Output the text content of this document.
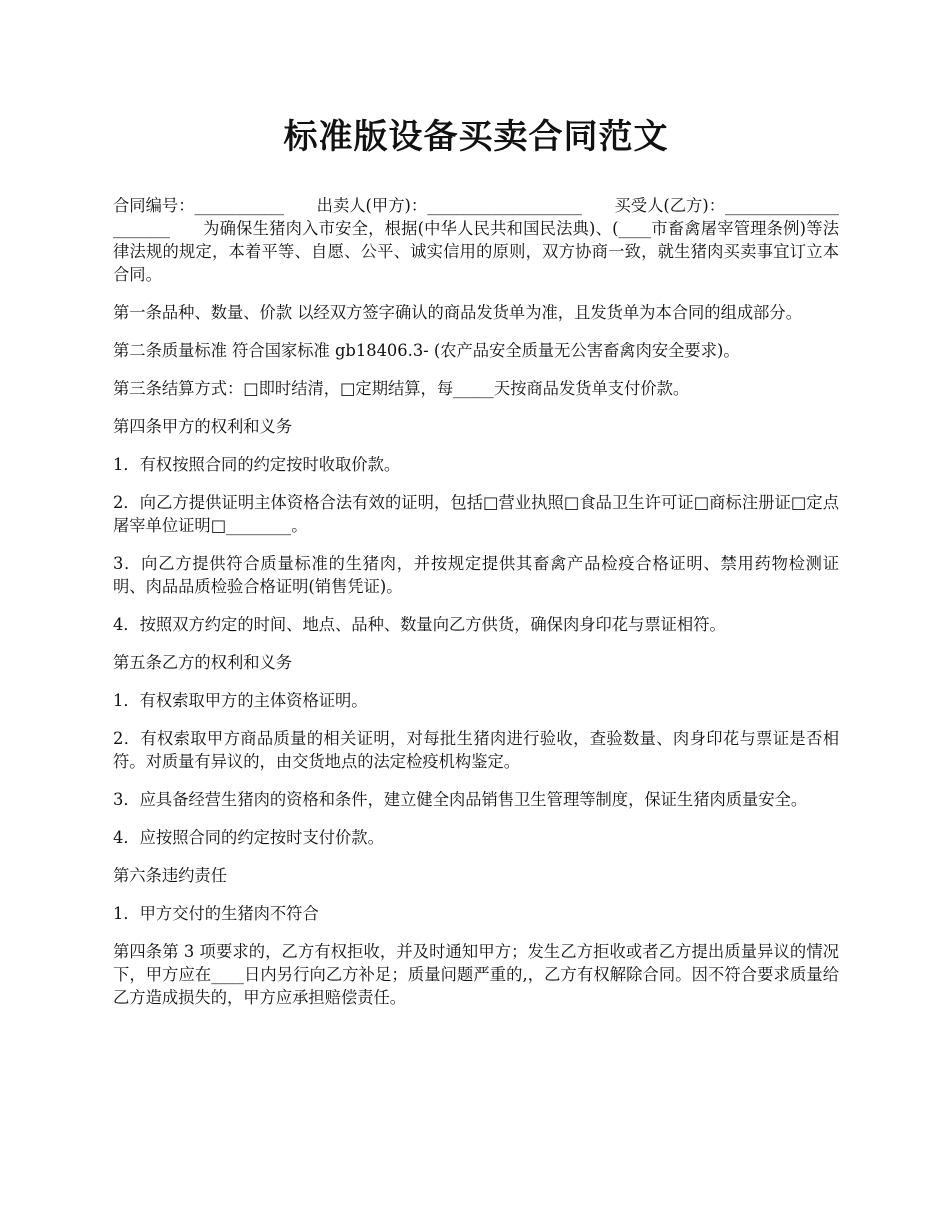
标准版设备买卖合同范文

合同编号：___________　　出卖人(甲方)：___________________　　买受人(乙方)：_____________________　　为确保生猪肉入市安全，根据(中华人民共和国民法典)、(____市畜禽屠宰管理条例)等法律法规的规定，本着平等、自愿、公平、诚实信用的原则，双方协商一致，就生猪肉买卖事宜订立本合同。

第一条品种、数量、价款 以经双方签字确认的商品发货单为准，且发货单为本合同的组成部分。

第二条质量标准 符合国家标准 gb18406.3- (农产品安全质量无公害畜禽肉安全要求)。

第三条结算方式：□即时结清，□定期结算，每_____天按商品发货单支付价款。

第四条甲方的权利和义务

1．有权按照合同的约定按时收取价款。

2．向乙方提供证明主体资格合法有效的证明，包括□营业执照□食品卫生许可证□商标注册证□定点屠宰单位证明□________。

3．向乙方提供符合质量标准的生猪肉，并按规定提供其畜禽产品检疫合格证明、禁用药物检测证明、肉品品质检验合格证明(销售凭证)。

4．按照双方约定的时间、地点、品种、数量向乙方供货，确保肉身印花与票证相符。

第五条乙方的权利和义务

1．有权索取甲方的主体资格证明。

2．有权索取甲方商品质量的相关证明，对每批生猪肉进行验收，查验数量、肉身印花与票证是否相符。对质量有异议的，由交货地点的法定检疫机构鉴定。

3．应具备经营生猪肉的资格和条件，建立健全肉品销售卫生管理等制度，保证生猪肉质量安全。

4．应按照合同的约定按时支付价款。

第六条违约责任

1．甲方交付的生猪肉不符合

第四条第 3 项要求的，乙方有权拒收，并及时通知甲方；发生乙方拒收或者乙方提出质量异议的情况下，甲方应在____日内另行向乙方补足；质量问题严重的,，乙方有权解除合同。因不符合要求质量给乙方造成损失的，甲方应承担赔偿责任。
